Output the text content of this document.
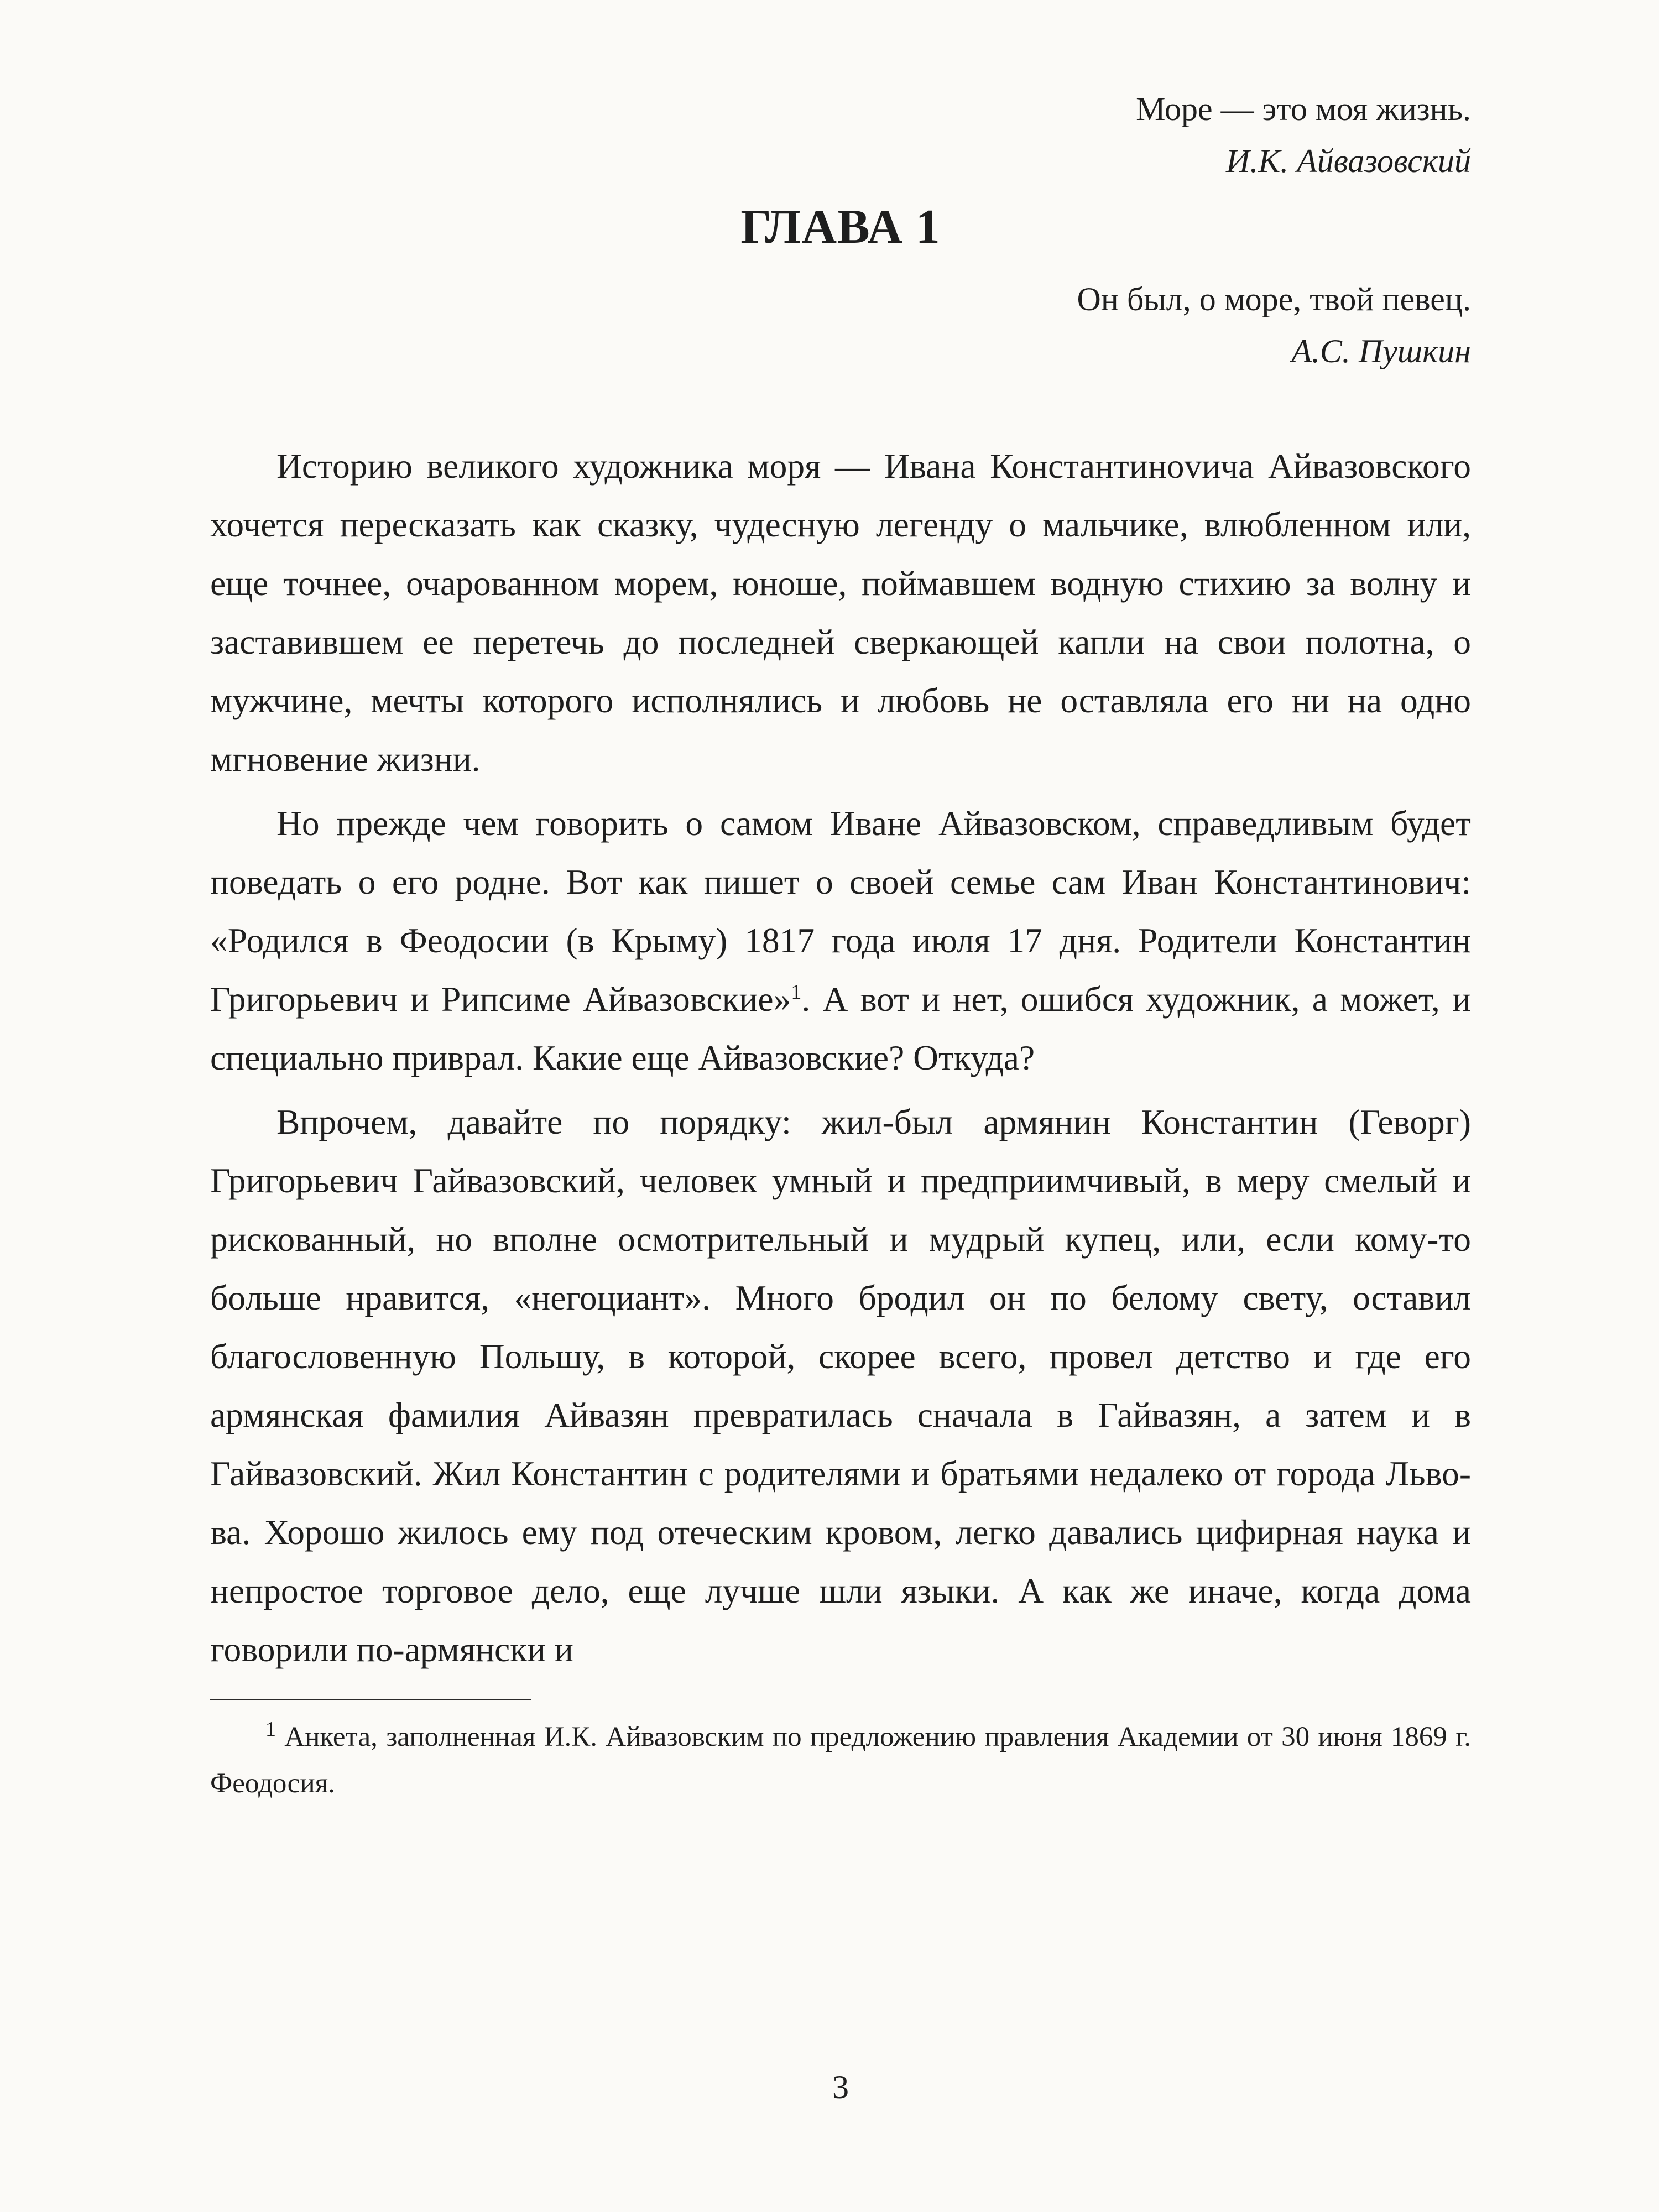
Море — это моя жизнь.
И.К. Айвазовский
ГЛАВА 1
Он был, о море, твой певец.
А.С. Пушкин

Историю великого художника моря — Ивана Константиноvича Айвазовского хочется пересказать как сказку, чудесную легенду о мальчике, влюбленном или, еще точнее, очарованном морем, юноше, поймавшем водную стихию за волну и заставившем ее перетечь до последней сверкающей капли на свои полотна, о мужчине, мечты которого исполнялись и любовь не оставляла его ни на одно мгновение жизни.

Но прежде чем говорить о самом Иване Айвазовском, справедливым будет поведать о его родне. Вот как пишет о своей семье сам Иван Константинович: «Родился в Феодосии (в Крыму) 1817 года июля 17 дня. Родители Константин Григорьевич и Рипсиме Айвазовские»$^1$. А вот и нет, ошибся художник, а может, и специально приврал. Какие еще Айвазовские? Откуда?

Впрочем, давайте по порядку: жил-был армянин Константин (Геворг) Григорьевич Гайвазовский, человек умный и предприимчивый, в меру смелый и рискованный, но вполне осмотрительный и мудрый купец, или, если кому-то больше нравится, «негоциант». Много бродил он по белому свету, оставил благословенную Польшу, в которой, скорее всего, провел детство и где его армянская фамилия Айвазян превратилась сначала в Гайвазян, а затем и в Гайвазовский. Жил Константин с родителями и братьями недалеко от города Львова. Хорошо жилось ему под отеческим кровом, легко давались цифирная наука и непростое торговое дело, еще лучше шли языки. А как же иначе, когда дома говорили по-армянски и

$^1$ Анкета, заполненная И.К. Айвазовским по предложению правления Академии от 30 июня 1869 г. Феодосия.
3
